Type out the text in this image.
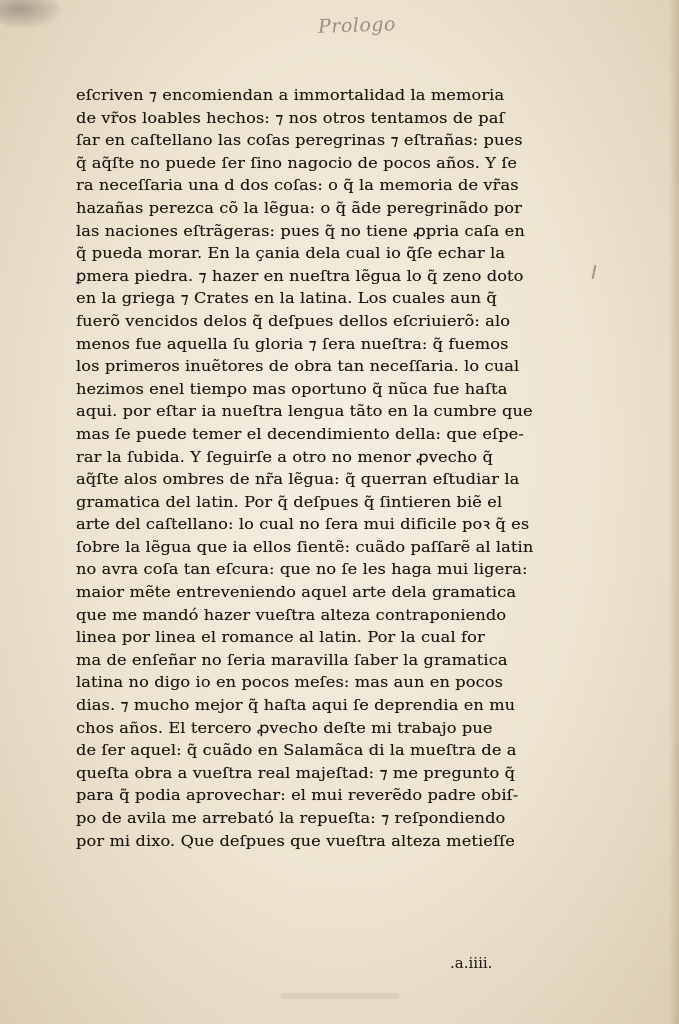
Prologo
eſcriven ⁊ encomiendan a immortalidad la memoria
de vr̃os loables hechos: ⁊ nos otros tentamos de paſ
ſar en caſtellano las coſas peregrinas ⁊ eſtrañas: pues
q̃ aq̃ſte no puede ſer ſino nagocio de pocos años. Y ſe
ra neceſſaria una d dos coſas: o q̃ la memoria de vr̃as
hazañas perezca cõ la lẽgua: o q̃ ãde peregrinãdo por
las naciones eſtrãgeras: pues q̃ no tiene ꝓpria caſa en
q̃ pueda morar. En la çania dela cual io q̃ſe echar la
ꝑmera piedra. ⁊ hazer en nueſtra lẽgua lo q̃ zeno doto
en la griega ⁊ Crates en la latina. Los cuales aun q̃
fuerõ vencidos delos q̃ deſpues dellos eſcriuierõ: alo
menos fue aquella ſu gloria ⁊ ſera nueſtra: q̃ fuemos
los primeros inuẽtores de obra tan neceſſaria. lo cual
hezimos enel tiempo mas oportuno q̃ nũca fue haſta
aqui. por eſtar ia nueſtra lengua tãto en la cumbre que
mas ſe puede temer el decendimiento della: que eſpe-
rar la ſubida. Y ſeguirſe a otro no menor ꝓvecho q̃
aq̃ſte alos ombres de nr̃a lẽgua: q̃ querran eſtudiar la
gramatica del latin. Por q̃ deſpues q̃ ſintieren biẽ el
arte del caſtellano: lo cual no ſera mui dificile poꝛ q̃ es
ſobre la lẽgua que ia ellos ſientẽ: cuãdo paſſarẽ al latin
no avra coſa tan eſcura: que no ſe les haga mui ligera:
maior mẽte entreveniendo aquel arte dela gramatica
que me mandó hazer vueſtra alteza contraponiendo
linea por linea el romance al latin. Por la cual for
ma de enſeñar no ſeria maravilla ſaber la gramatica
latina no digo io en pocos meſes: mas aun en pocos
dias. ⁊ mucho mejor q̃ haſta aqui ſe deprendia en mu
chos años. El tercero ꝓvecho deſte mi trabajo pue
de ſer aquel: q̃ cuãdo en Salamãca di la mueſtra de a
queſta obra a vueſtra real majeſtad: ⁊ me pregunto q̃
para q̃ podia aprovechar: el mui reverẽdo padre obiſ-
po de avila me arrebató la repueſta: ⁊ reſpondiendo
por mi dixo. Que deſpues que vueſtra alteza metieſſe
.a.iiii.
